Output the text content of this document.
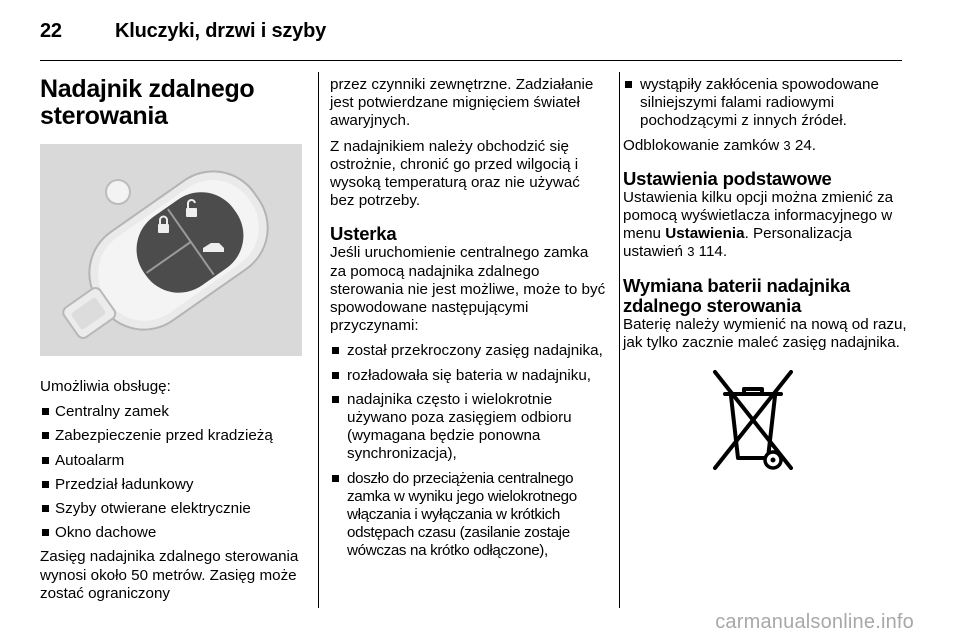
22	Kluczyki, drzwi i szyby
Nadajnik zdalnego sterowania

Umożliwia obsługę:

Centralny zamek
Zabezpieczenie przed kradzieżą
Autoalarm
Przedział ładunkowy
Szyby otwierane elektrycznie
Okno dachowe

Zasięg nadajnika zdalnego sterowania wynosi około 50 metrów. Zasięg może zostać ograniczony

przez czynniki zewnętrzne. Zadziałanie jest potwierdzane mignięciem świateł awaryjnych.

Z nadajnikiem należy obchodzić się ostrożnie, chronić go przed wilgocią i wysoką temperaturą oraz nie używać bez potrzeby.

Usterka

Jeśli uruchomienie centralnego zamka za pomocą nadajnika zdalnego sterowania nie jest możliwe, może to być spowodowane następującymi przyczynami:

został przekroczony zasięg nadajnika,
rozładowała się bateria w nadajniku,
nadajnika często i wielokrotnie używano poza zasięgiem odbioru (wymagana będzie ponowna synchronizacja),
doszło do przeciążenia centralnego zamka w wyniku jego wielokrotnego włączania i wyłączania w krótkich odstępach czasu (zasilanie zostaje wówczas na krótko odłączone),
wystąpiły zakłócenia spowodowane silniejszymi falami radiowymi pochodzącymi z innych źródeł.

Odblokowanie zamków 3 24.

Ustawienia podstawowe

Ustawienia kilku opcji można zmienić za pomocą wyświetlacza informacyjnego w menu Ustawienia. Personalizacja ustawień 3 114.

Wymiana baterii nadajnika zdalnego sterowania

Baterię należy wymienić na nową od razu, jak tylko zacznie maleć zasięg nadajnika.

carmanualsonline.info
